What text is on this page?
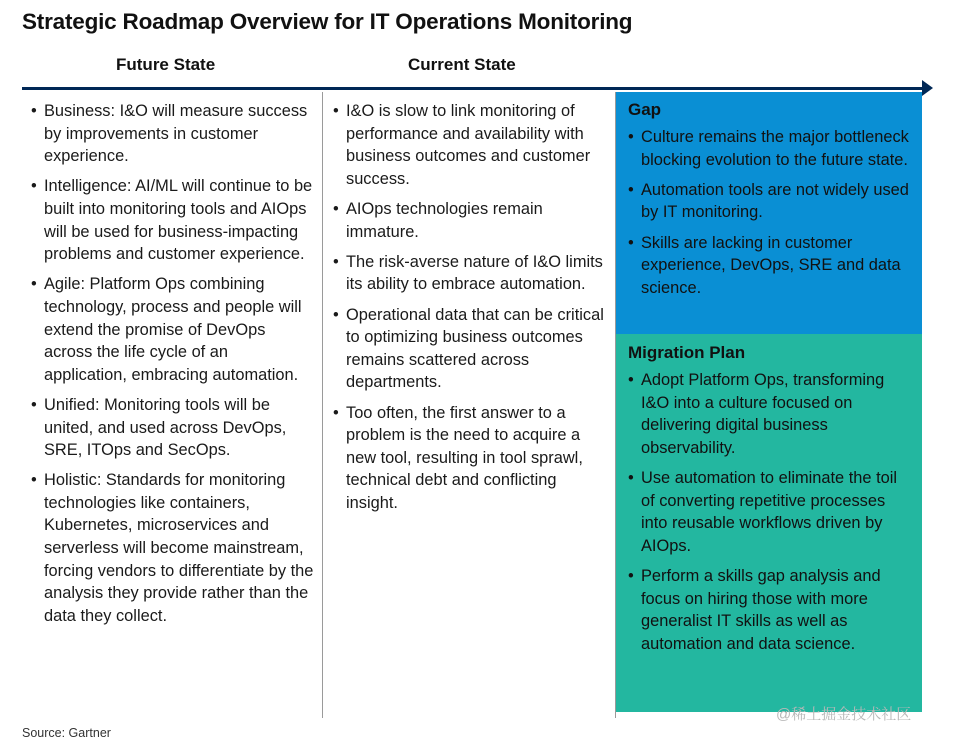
Strategic Roadmap Overview for IT Operations Monitoring
Future State	Current State
• Business: I&O will measure success by improvements in customer experience.
• Intelligence: AI/ML will continue to be built into monitoring tools and AIOps will be used for business-impacting problems and customer experience.
• Agile: Platform Ops combining technology, process and people will extend the promise of DevOps across the life cycle of an application, embracing automation.
• Unified: Monitoring tools will be united, and used across DevOps, SRE, ITOps and SecOps.
• Holistic: Standards for monitoring technologies like containers, Kubernetes, microservices and serverless will become mainstream, forcing vendors to differentiate by the analysis they provide rather than the data they collect.
• I&O is slow to link monitoring of performance and availability with business outcomes and customer success.
• AIOps technologies remain immature.
• The risk-averse nature of I&O limits its ability to embrace automation.
• Operational data that can be critical to optimizing business outcomes remains scattered across departments.
• Too often, the first answer to a problem is the need to acquire a new tool, resulting in tool sprawl, technical debt and conflicting insight.
Gap
• Culture remains the major bottleneck blocking evolution to the future state.
• Automation tools are not widely used by IT monitoring.
• Skills are lacking in customer experience, DevOps, SRE and data science.
Migration Plan
• Adopt Platform Ops, transforming I&O into a culture focused on delivering digital business observability.
• Use automation to eliminate the toil of converting repetitive processes into reusable workflows driven by AIOps.
• Perform a skills gap analysis and focus on hiring those with more generalist IT skills as well as automation and data science.
Source: Gartner
@稀土掘金技术社区
